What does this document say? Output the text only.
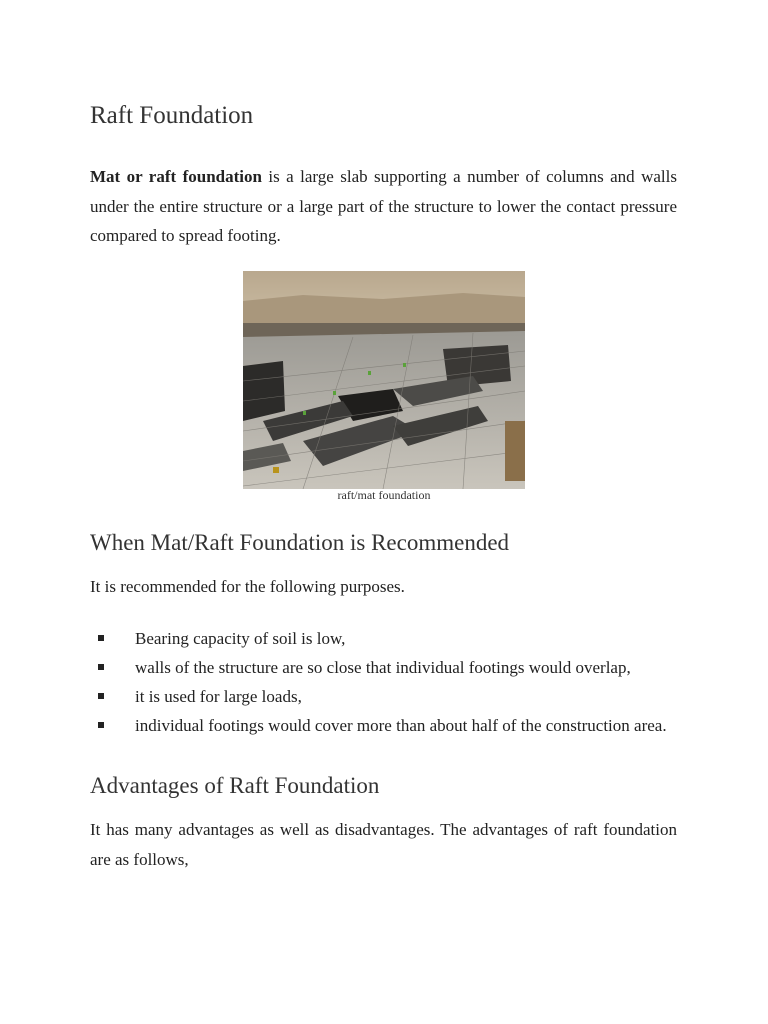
Raft Foundation

Mat or raft foundation is a large slab supporting a number of columns and walls under the entire structure or a large part of the structure to lower the contact pressure compared to spread footing.

When Mat/Raft Foundation is Recommended

It is recommended for the following purposes.

Advantages of Raft Foundation

It has many advantages as well as disadvantages. The advantages of raft foundation are as follows,

raft/mat foundation
Bearing capacity of soil is low,
walls of the structure are so close that individual footings would overlap,
it is used for large loads,
individual footings would cover more than about half of the construction area.
